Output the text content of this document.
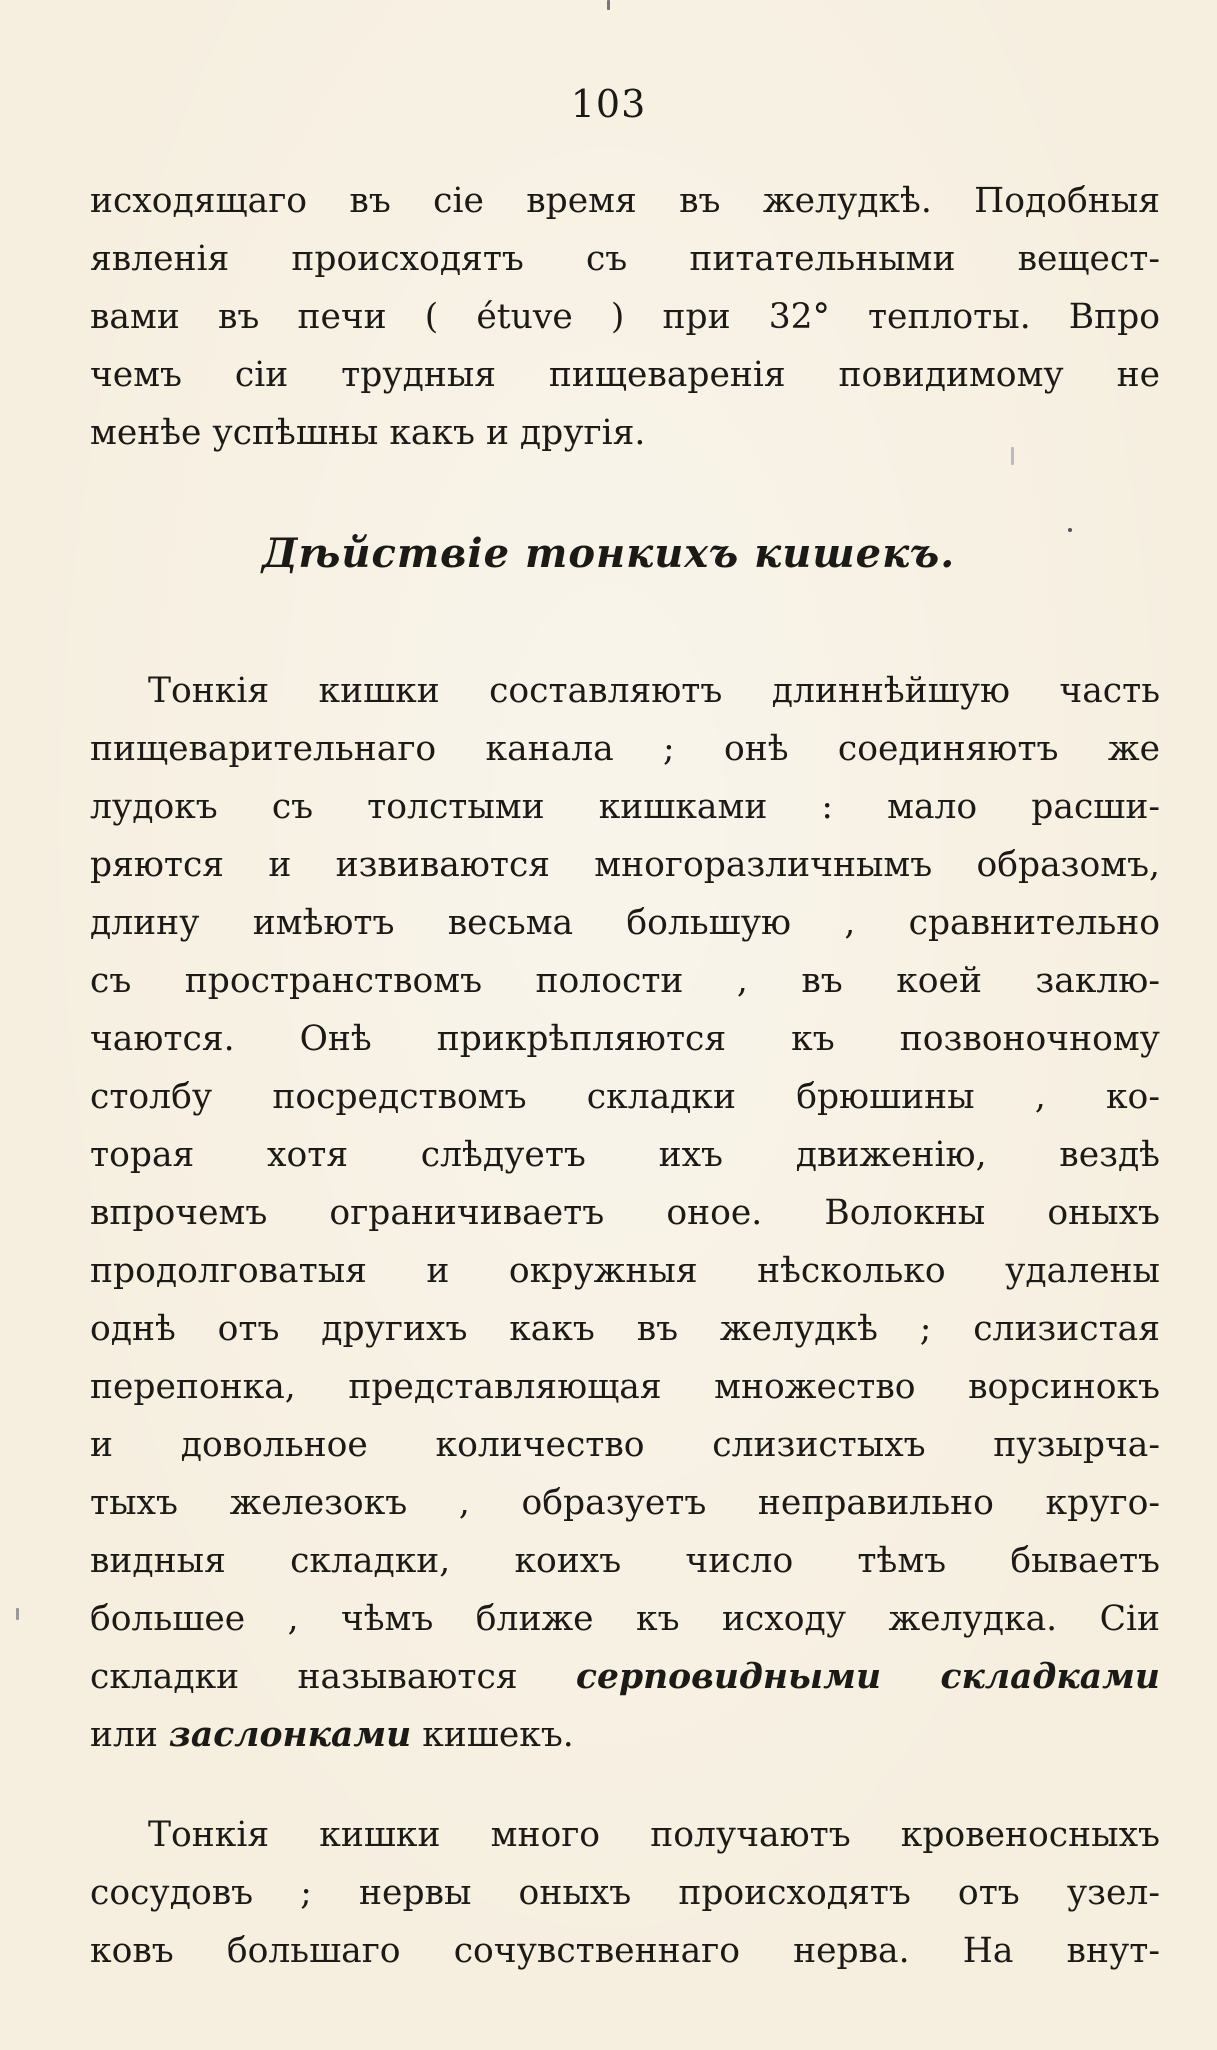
103
исходящаго въ сіе время въ желудкѣ. Подобныя
явленія происходятъ съ питательными вещест-
вами въ печи ( étuve ) при 32° теплоты. Впро
чемъ сіи трудныя пищеваренія повидимому не
менѣе успѣшны какъ и другія.
Дѣйствіе тонкихъ кишекъ.
Тонкія кишки составляютъ длиннѣйшую часть
пищеварительнаго канала ; онѣ соединяютъ же
лудокъ съ толстыми кишками : мало расши-
ряются и извиваются многоразличнымъ образомъ,
длину имѣютъ весьма большую , сравнительно
съ пространствомъ полости , въ коей заклю-
чаются. Онѣ прикрѣпляются къ позвоночному
столбу посредствомъ складки брюшины , ко-
торая хотя слѣдуетъ ихъ движенію, вездѣ
впрочемъ ограничиваетъ оное. Волокны оныхъ
продолговатыя и окружныя нѣсколько удалены
однѣ отъ другихъ какъ въ желудкѣ ; слизистая
перепонка, представляющая множество ворсинокъ
и довольное количество слизистыхъ пузырча-
тыхъ железокъ , образуетъ неправильно круго-
видныя складки, коихъ число тѣмъ бываетъ
большее , чѣмъ ближе къ исходу желудка. Сіи
складки называются серповидными складками
или заслонками кишекъ.
Тонкія кишки много получаютъ кровеносныхъ
сосудовъ ; нервы оныхъ происходятъ отъ узел-
ковъ большаго сочувственнаго нерва. На внут-
